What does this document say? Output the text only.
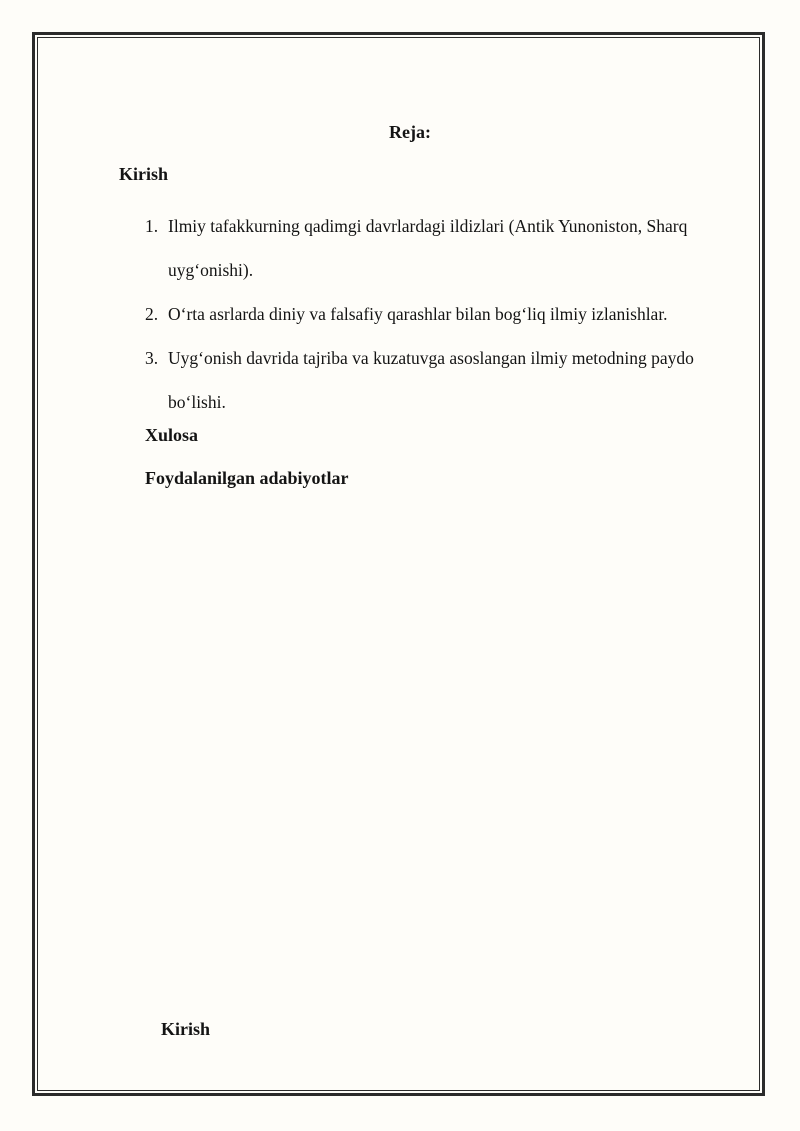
Reja:
Kirish
1. Ilmiy tafakkurning qadimgi davrlardagi ildizlari (Antik Yunoniston, Sharq uyg‘onishi).
2. O‘rta asrlarda diniy va falsafiy qarashlar bilan bog‘liq ilmiy izlanishlar.
3. Uyg‘onish davrida tajriba va kuzatuvga asoslangan ilmiy metodning paydo bo‘lishi.
Xulosa
Foydalanilgan adabiyotlar
Kirish
